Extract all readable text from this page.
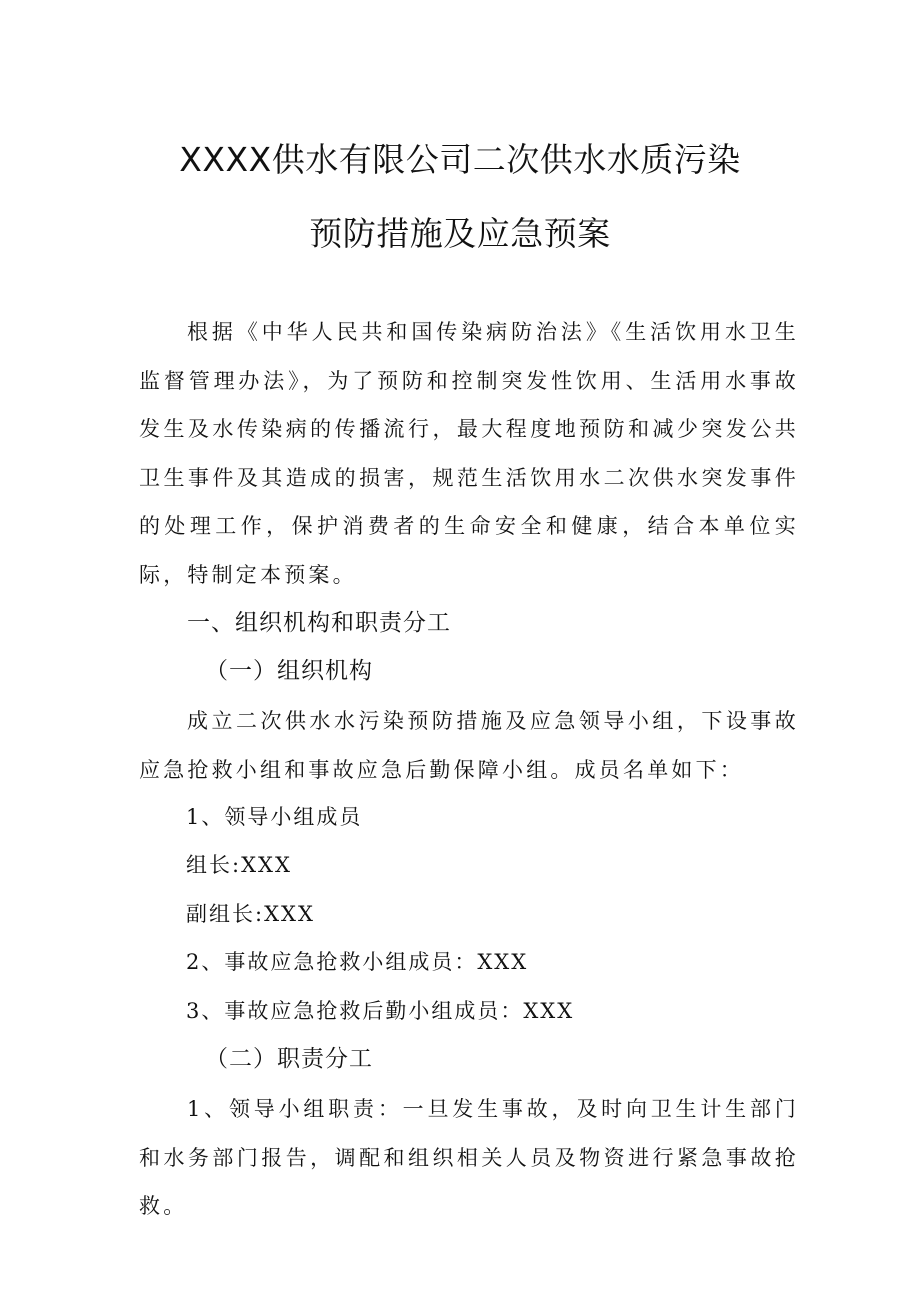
XXXX供水有限公司二次供水水质污染
预防措施及应急预案
根据《中华人民共和国传染病防治法》《生活饮用水卫生监督管理办法》，为了预防和控制突发性饮用、生活用水事故发生及水传染病的传播流行，最大程度地预防和减少突发公共卫生事件及其造成的损害，规范生活饮用水二次供水突发事件的处理工作，保护消费者的生命安全和健康，结合本单位实际，特制定本预案。
一、组织机构和职责分工
（一）组织机构
成立二次供水水污染预防措施及应急领导小组，下设事故应急抢救小组和事故应急后勤保障小组。成员名单如下：
1、领导小组成员
组长:XXX
副组长:XXX
2、事故应急抢救小组成员：XXX
3、事故应急抢救后勤小组成员：XXX
（二）职责分工
1、领导小组职责：一旦发生事故，及时向卫生计生部门和水务部门报告，调配和组织相关人员及物资进行紧急事故抢救。
